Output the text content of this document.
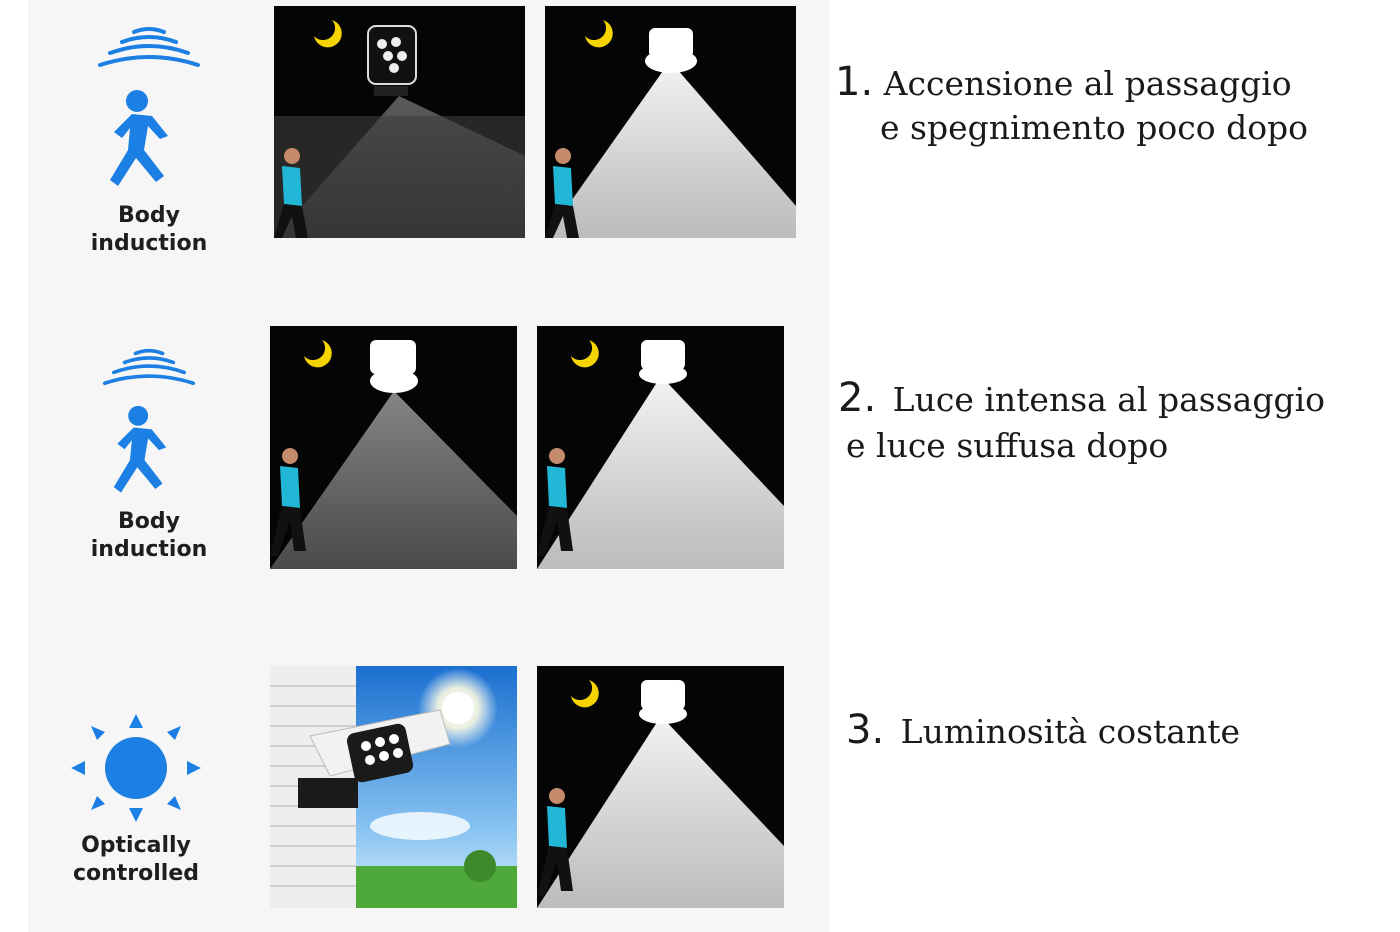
Body induction
1. Accensione al passaggio
e spegnimento poco dopo
Body induction
2. Luce intensa al passaggio
e luce suffusa dopo
Optically
controlled
3. Luminosità costante
